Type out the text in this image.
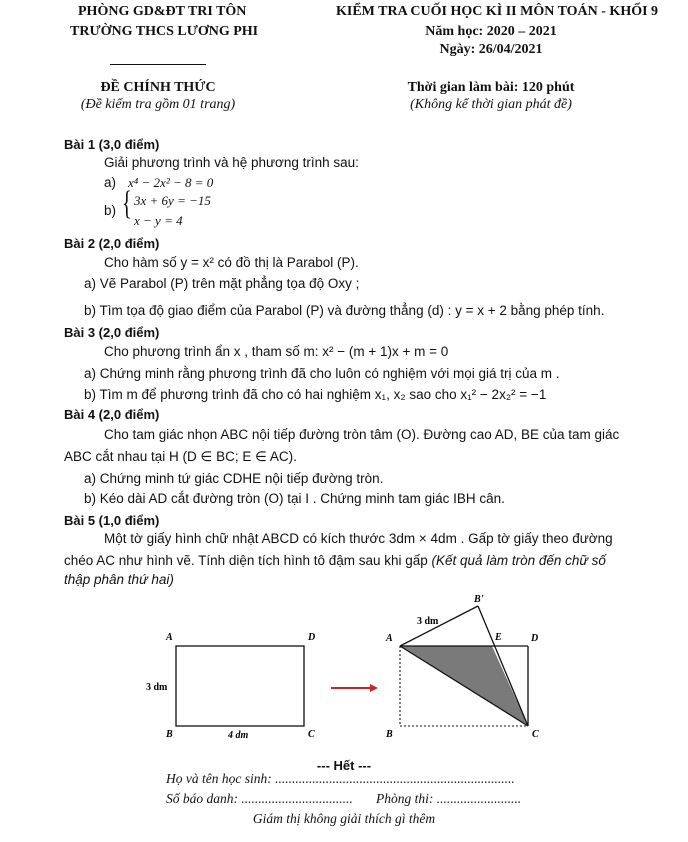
PHÒNG GD&ĐT TRI TÔN
TRƯỜNG THCS LƯƠNG PHI
ĐỀ CHÍNH THỨC
(Đề kiểm tra gồm 01 trang)
KIỂM TRA CUỐI HỌC KÌ II MÔN TOÁN - KHỐI 9
Năm học: 2020 – 2021
Ngày: 26/04/2021
Thời gian làm bài: 120 phút
(Không kể thời gian phát đề)
Bài 1 (3,0 điểm)
Giải phương trình và hệ phương trình sau:
a) x⁴ − 2x² − 8 = 0
b) { 3x + 6y = −15
x − y = 4
Bài 2 (2,0 điểm)
Cho hàm số y = x² có đồ thị là Parabol (P).
a) Vẽ Parabol (P) trên mặt phẳng tọa độ Oxy ;
b) Tìm tọa độ giao điểm của Parabol (P) và đường thẳng (d) : y = x + 2 bằng phép tính.
Bài 3 (2,0 điểm)
Cho phương trình ẩn x , tham số m: x² − (m + 1)x + m = 0
a) Chứng minh rằng phương trình đã cho luôn có nghiệm với mọi giá trị của m .
b) Tìm m để phương trình đã cho có hai nghiệm x₁, x₂ sao cho x₁² − 2x₂² = −1
Bài 4 (2,0 điểm)
Cho tam giác nhọn ABC nội tiếp đường tròn tâm (O). Đường cao AD, BE của tam giác
ABC cắt nhau tại H (D ∈ BC; E ∈ AC).
a) Chứng minh tứ giác CDHE nội tiếp đường tròn.
b) Kéo dài AD cắt đường tròn (O) tại I . Chứng minh tam giác IBH cân.
Bài 5 (1,0 điểm)
Một tờ giấy hình chữ nhật ABCD có kích thước 3dm × 4dm . Gấp tờ giấy theo đường
chéo AC như hình vẽ. Tính diện tích hình tô đậm sau khi gấp (Kết quả làm tròn đến chữ số
thập phân thứ hai)
A	D
B	C
3 dm
4 dm
A	E	D
B	C
B'
3 dm
--- Hết ---
Họ và tên học sinh: .......................................................................
Số báo danh: ................................. Phòng thi: .........................
Giám thị không giải thích gì thêm
